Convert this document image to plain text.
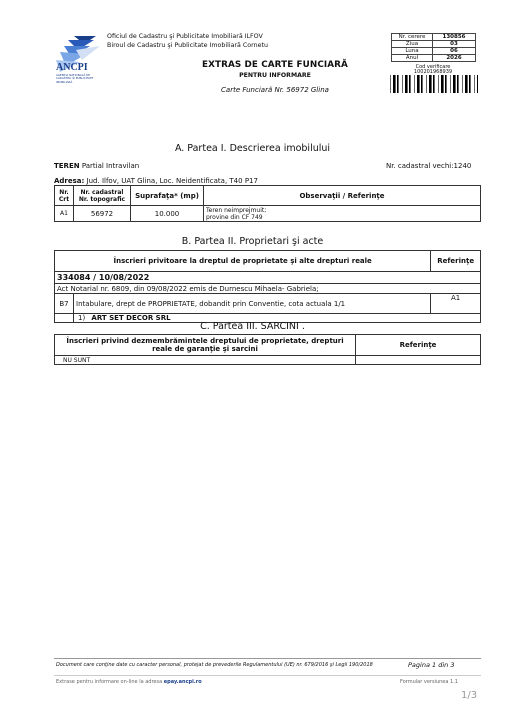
ANCPI
AGENȚIA NAȚIONALĂ DE CADASTRU ȘI PUBLICITATE IMOBILIARĂ
Oficiul de Cadastru şi Publicitate Imobiliară ILFOV
Biroul de Cadastru şi Publicitate Imobiliară Cornetu
EXTRAS DE CARTE FUNCIARĂ
PENTRU INFORMARE
Carte Funciară Nr. 56972 Glina
Nr. cerere	130856
Ziua	03
Luna	06
Anul	2026
Cod verificare
100201968939
A. Partea I. Descrierea imobilului
TEREN Partial Intravilan	Nr. cadastral vechi:1240
Adresa: Jud. Ilfov, UAT Glina, Loc. Neidentificata, T40 P17
Nr. Crt	Nr. cadastral Nr. topografic	Suprafaţa* (mp)	Observaţii / Referinţe
A1	56972	10.000	Teren neimprejmuit;
provine din CF 749
B. Partea II. Proprietari şi acte
Înscrieri privitoare la dreptul de proprietate şi alte drepturi reale		Referinţe
334084 / 10/08/2022		
Act Notarial nr. 6809, din 09/08/2022 emis de Durnescu Mihaela- Gabriela;		
B7	Intabulare, drept de PROPRIETATE, dobandit prin Conventie, cota actuala 1/1	A1
	1) ART SET DECOR SRL	
C. Partea III. SARCINI .
Înscrieri privind dezmembrămintele dreptului de proprietate, drepturi reale de garanţie şi sarcini	Referinţe
NU SUNT	
Document care conţine date cu caracter personal, protejat de prevederile Regulamentului (UE) nr. 679/2016 şi Legii 190/2018	Pagina 1 din 3
Extrase pentru informare on-line la adresa epay.ancpi.ro	Formular versiunea 1.1
1/3
